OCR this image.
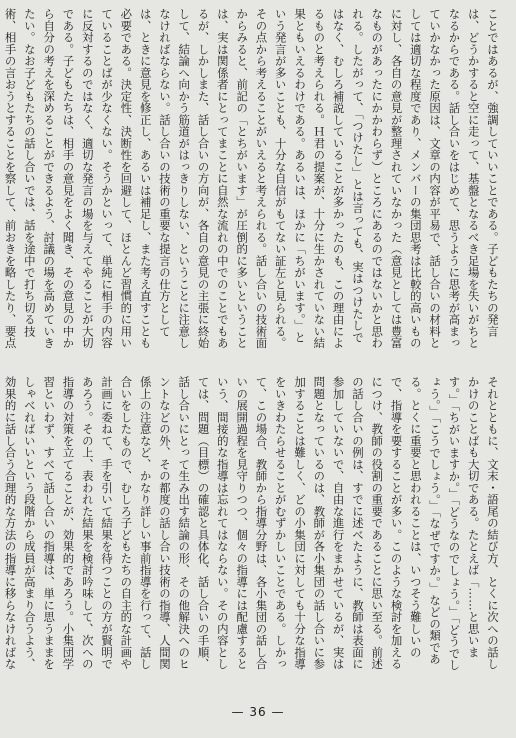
ことではあるが、強調していいことである。子どもたちの発言は、どうかすると空に走って、基盤となるべき足場を失いがちとなるからである。話し合いをはじめて、思うように思考が高まっていかなかった原因は、文章の内容が平易で、話し合いの材料としては適切な程度であり、メンバーの集団思考は比較的高いものに対し、各自の意見が整理されていなかった（意見としては豊富なものがあったにかかわらず）ところにあるのではないかと思われる。したがって、「つけたし」とは言っても、実はつけたしではなく、むしろ補説していることが多かったのも、この理由によるものと考えられる。Ｈ君の提案が、十分に生かされていない結果ともいえるわけである。あるいは、ほかに「ちがいます。」という発言が多いことも、十分な自信がもてない証左と見られる。その点から考えることがいえると考えられる。話し合いの技術面からみると、前記の「とちがいます」が圧倒的に多いということは、実は関係者にとってまことに自然な流れの中でのことでもあるが、しかしまた、話し合いの方向が、各自の意見の主張に終始して、結論へ向かう筋道がはっきりしない、ということに注意しなければならない。話し合いの技術の重要な提言の仕方としては、ときに意見を修正し、あるいは補足し、また考え直すことも必要である。決定性、決断性を回避して、ほとんど習慣的に用いていることばが少なくない。そうかといって、単純に相手の内容に反対するのではなく、適切な発言の場を与えてやることが大切である。子どもたちは、相手の意見をよく聞き、その意見の中から自分の考えを深めることができるよう、討議の場を高めていきたい。なお子どもたちの話し合いでは、話を途中で打ち切る技術、相手の言おうとすることを察して、前おきを略したり、要点

それとともに、文末・語尾の結び方、とくに次への話しかけのことばも大切である。たとえば「……と思います。」「ちがいますか。」「どうなのでしょう。」「どうでしょう。」「こうでしょう。」「なぜですか。」などの類である。とくに重要と思われることは、いつそう難しいので、指導を要することが多い。このような検討を加えるにつけ、教師の役割の重要であることに思い至る。前述の話し合いの例は、すでに述べたように、教師は表面に参加していないで、自由な進行をまかせているが、実は問題となっているのは、教師が各小集団の話し合いに参加することは難しく、どの小集団に対しても十分な指導をいきわたらせることがむずかしいことである。しかって、この場合、教師から指導分野は、各小集団の話し合いの展開過程を見守りつつ、個々の指導には配慮するという、間接的な指導は忘れてはならない。その内容としては、問題（目標）の確認と具体化、話し合いの手順、話し合いにとって生み出す結論の形、その他解決へのヒントなどの外、その都度の話し合い技術の指導、人間関係上の注意など、かなり詳しい事前指導を行って、話し合いをしたもので、むしろ子どもたちの自主的な計画や計画に委ねて、手を引いて結果を待つことの方が賢明であろう。その上、表われた結果を検討吟味して、次への指導の対策を立てることが、効果的であろう。小集団学習といわず、すべて話し合いの指導は、単に思うままをしゃべればいいという段階から成員が高まり合うよう、効果的に話し合う合理的な方法の指導に移らなければな

— 36 —
